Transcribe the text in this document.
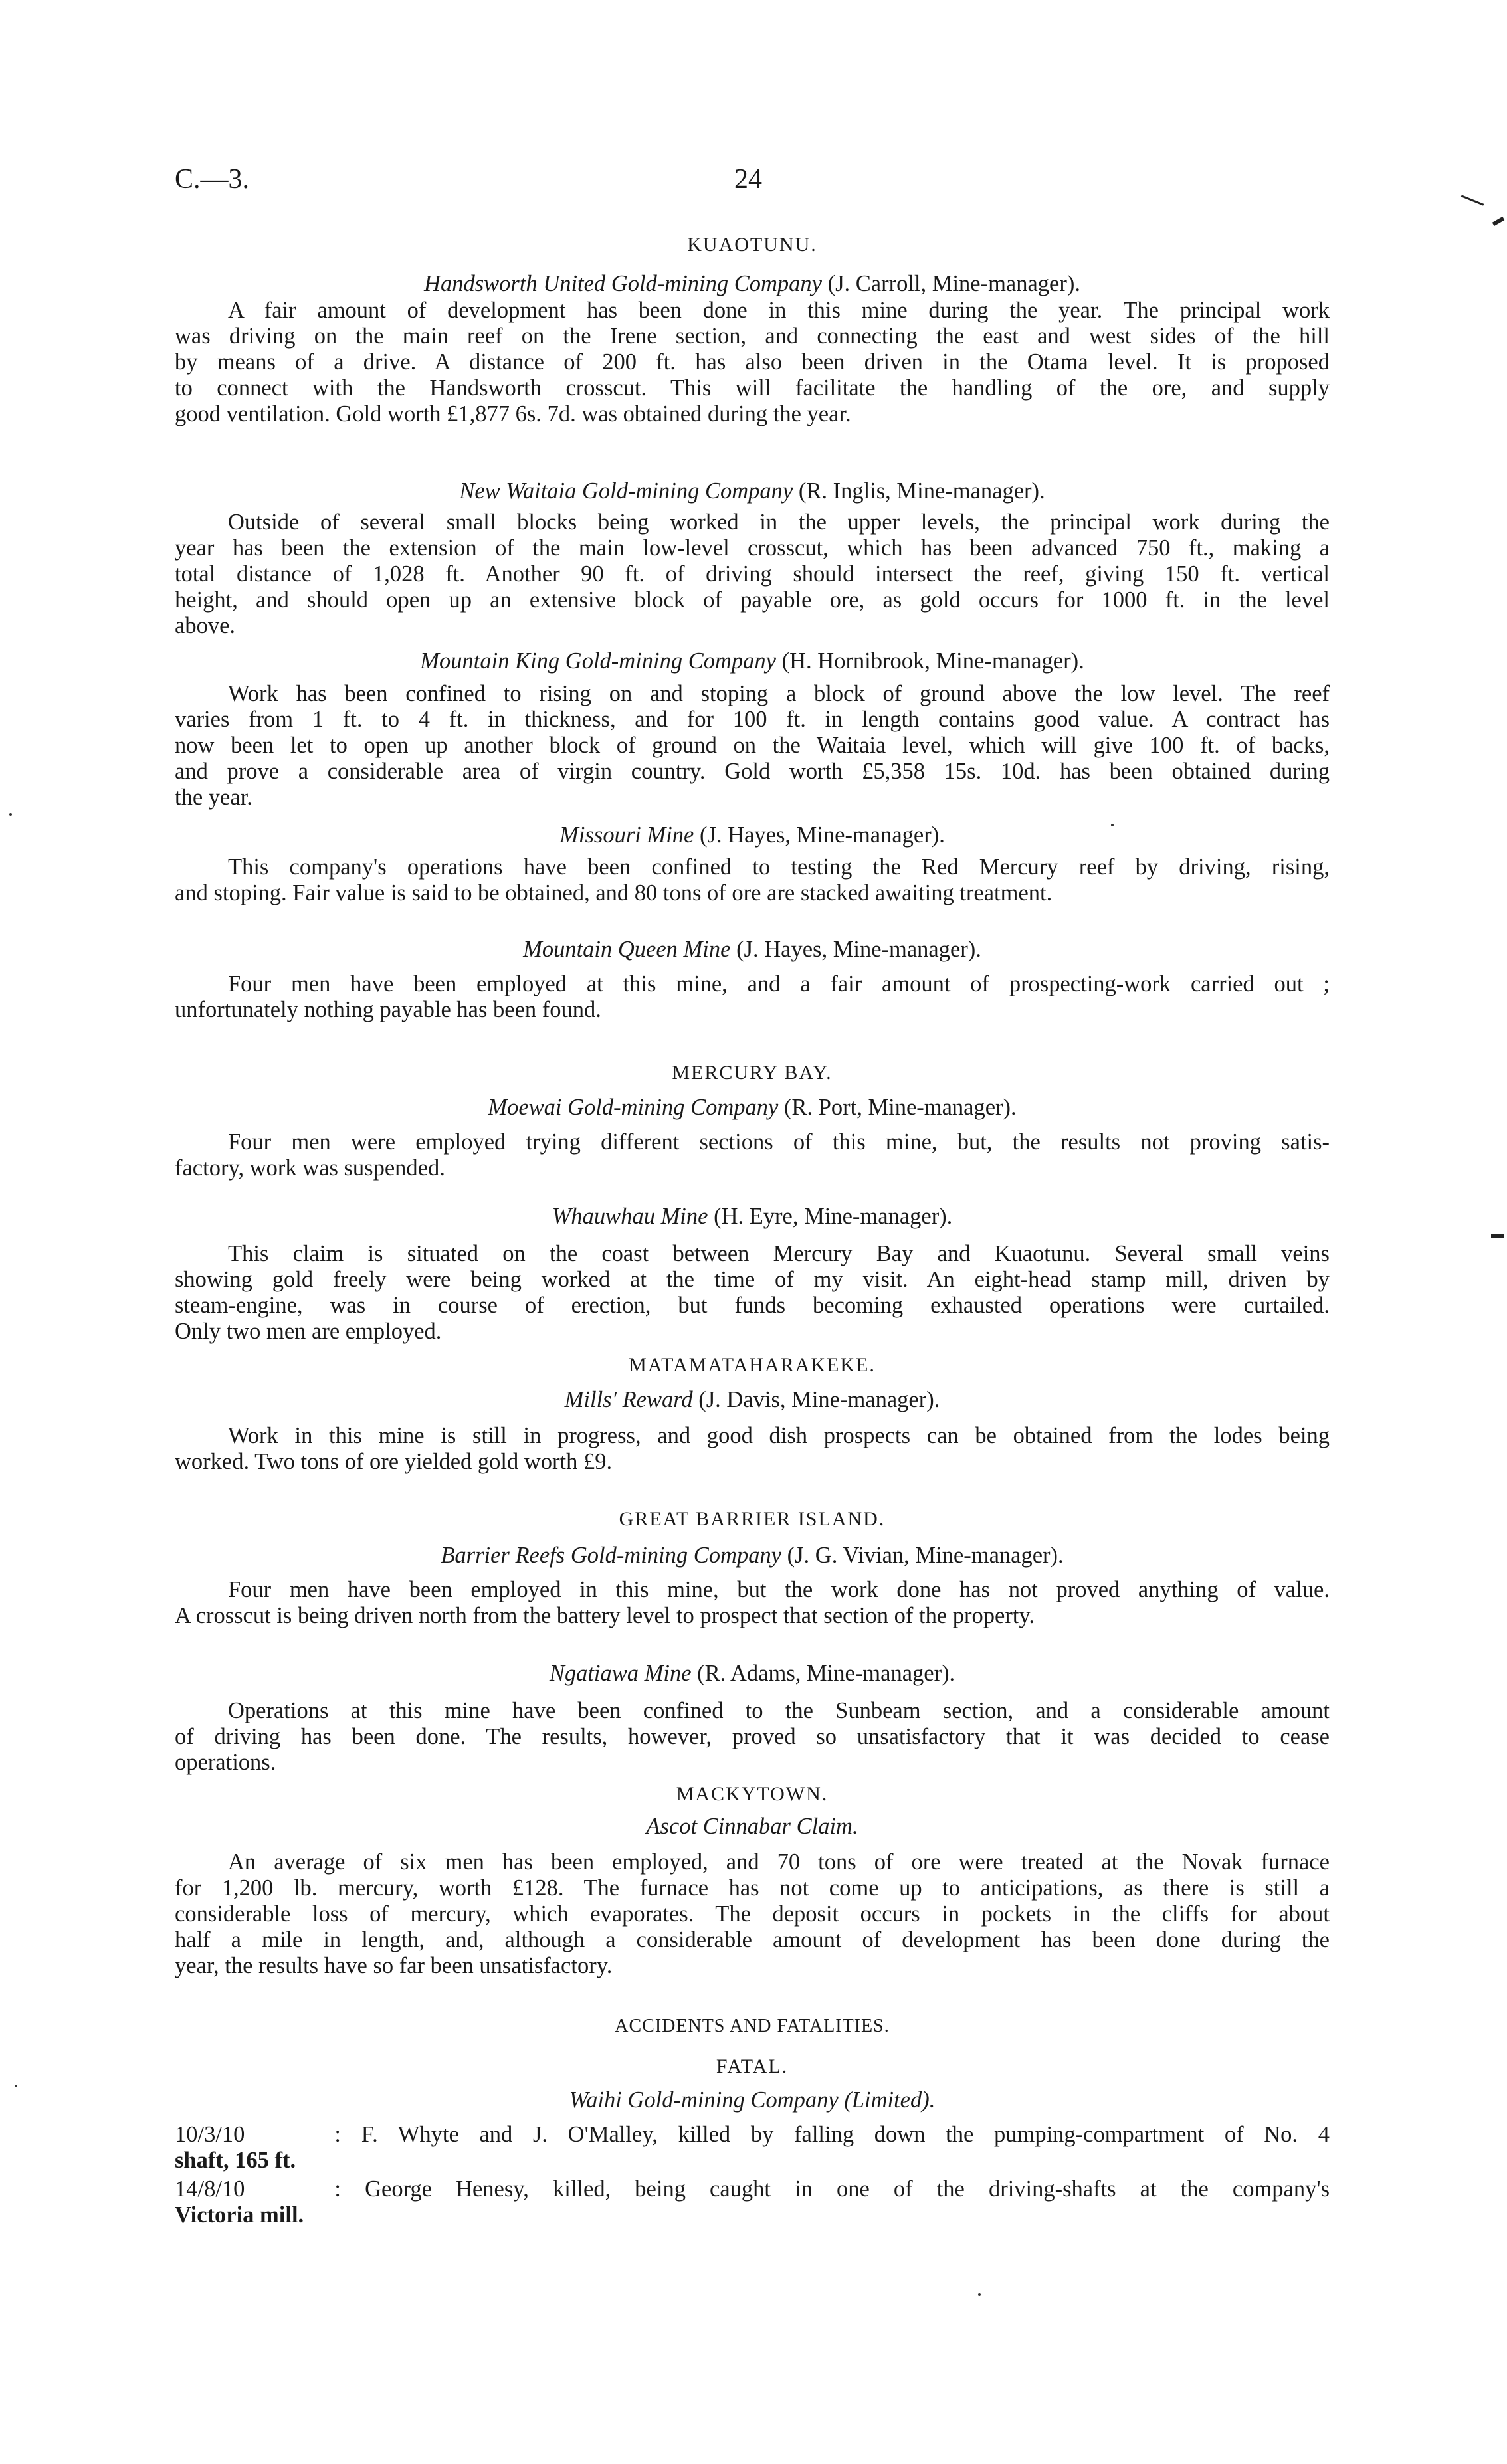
C.—3.	24
KUAOTUNU.
Handsworth United Gold-mining Company (J. Carroll, Mine-manager).
A fair amount of development has been done in this mine during the year. The principal work
was driving on the main reef on the Irene section, and connecting the east and west sides of the hill
by means of a drive. A distance of 200 ft. has also been driven in the Otama level. It is proposed
to connect with the Handsworth crosscut. This will facilitate the handling of the ore, and supply
good ventilation. Gold worth £1,877 6s. 7d. was obtained during the year.
New Waitaia Gold-mining Company (R. Inglis, Mine-manager).
Outside of several small blocks being worked in the upper levels, the principal work during the
year has been the extension of the main low-level crosscut, which has been advanced 750 ft., making a
total distance of 1,028 ft. Another 90 ft. of driving should intersect the reef, giving 150 ft. vertical
height, and should open up an extensive block of payable ore, as gold occurs for 1000 ft. in the level
above.
Mountain King Gold-mining Company (H. Hornibrook, Mine-manager).
Work has been confined to rising on and stoping a block of ground above the low level. The reef
varies from 1 ft. to 4 ft. in thickness, and for 100 ft. in length contains good value. A contract has
now been let to open up another block of ground on the Waitaia level, which will give 100 ft. of backs,
and prove a considerable area of virgin country. Gold worth £5,358 15s. 10d. has been obtained during
the year.
Missouri Mine (J. Hayes, Mine-manager).
This company's operations have been confined to testing the Red Mercury reef by driving, rising,
and stoping. Fair value is said to be obtained, and 80 tons of ore are stacked awaiting treatment.
Mountain Queen Mine (J. Hayes, Mine-manager).
Four men have been employed at this mine, and a fair amount of prospecting-work carried out ;
unfortunately nothing payable has been found.
MERCURY BAY.
Moewai Gold-mining Company (R. Port, Mine-manager).
Four men were employed trying different sections of this mine, but, the results not proving satis-
factory, work was suspended.
Whauwhau Mine (H. Eyre, Mine-manager).
This claim is situated on the coast between Mercury Bay and Kuaotunu. Several small veins
showing gold freely were being worked at the time of my visit. An eight-head stamp mill, driven by
steam-engine, was in course of erection, but funds becoming exhausted operations were curtailed.
Only two men are employed.
MATAMATAHARAKEKE.
Mills' Reward (J. Davis, Mine-manager).
Work in this mine is still in progress, and good dish prospects can be obtained from the lodes being
worked. Two tons of ore yielded gold worth £9.
GREAT BARRIER ISLAND.
Barrier Reefs Gold-mining Company (J. G. Vivian, Mine-manager).
Four men have been employed in this mine, but the work done has not proved anything of value.
A crosscut is being driven north from the battery level to prospect that section of the property.
Ngatiawa Mine (R. Adams, Mine-manager).
Operations at this mine have been confined to the Sunbeam section, and a considerable amount
of driving has been done. The results, however, proved so unsatisfactory that it was decided to cease
operations.
MACKYTOWN.
Ascot Cinnabar Claim.
An average of six men has been employed, and 70 tons of ore were treated at the Novak furnace
for 1,200 lb. mercury, worth £128. The furnace has not come up to anticipations, as there is still a
considerable loss of mercury, which evaporates. The deposit occurs in pockets in the cliffs for about
half a mile in length, and, although a considerable amount of development has been done during the
year, the results have so far been unsatisfactory.
ACCIDENTS AND FATALITIES.
FATAL.
Waihi Gold-mining Company (Limited).
10/3/10 : F. Whyte and J. O'Malley, killed by falling down the pumping-compartment of No. 4
shaft, 165 ft.
14/8/10 : George Henesy, killed, being caught in one of the driving-shafts at the company's
Victoria mill.
